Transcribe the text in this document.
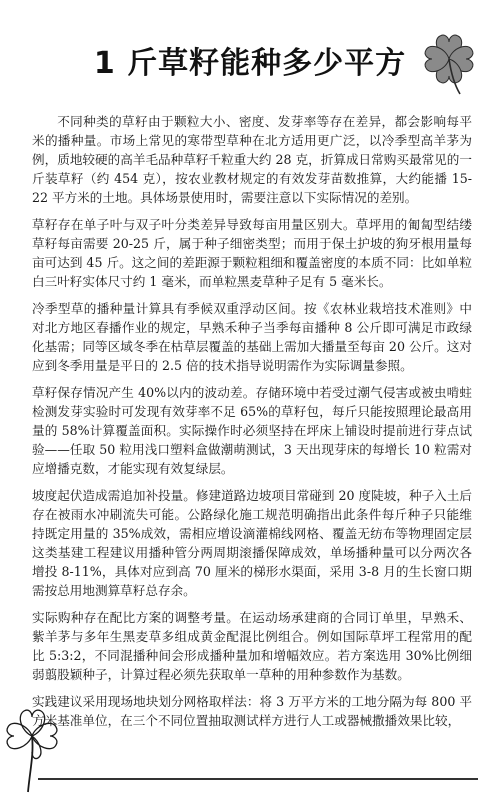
1 斤草籽能种多少平方

不同种类的草籽由于颗粒大小、密度、发芽率等存在差异，都会影响每平米的播种量。市场上常见的寒带型草种在北方适用更广泛，以冷季型高羊茅为例，质地较硬的高羊毛品种草籽千粒重大约 28 克，折算成日常购买最常见的一斤装草籽（约 454 克），按农业教材规定的有效发芽苗数推算，大约能播 15-22 平方米的土地。具体场景使用时，需要注意以下实际情况的差别。

草籽存在单子叶与双子叶分类差异导致每亩用量区别大。草坪用的匍匐型结缕草籽每亩需要 20-25 斤，属于种子细密类型；而用于保土护坡的狗牙根用量每亩可达到 45 斤。这之间的差距源于颗粒粗细和覆盖密度的本质不同：比如单粒白三叶籽实体尺寸约 1 毫米，而单粒黑麦草种子足有 5 毫米长。

冷季型草的播种量计算具有季候双重浮动区间。按《农林业栽培技术准则》中对北方地区春播作业的规定，早熟禾种子当季每亩播种 8 公斤即可满足市政绿化基需；同等区域冬季在枯草层覆盖的基础上需加大播量至每亩 20 公斤。这对应到冬季用量是平日的 2.5 倍的技术指导说明需作为实际调量参照。

草籽保存情况产生 40%以内的波动差。存储环境中若受过潮气侵害或被虫啃蛀检测发芽实验时可发现有效芽率不足 65%的草籽包，每斤只能按照理论最高用量的 58%计算覆盖面积。实际操作时必须坚持在坪床上铺设时提前进行芽点试验——任取 50 粒用浅口塑料盒做潮萌测试，3 天出现芽床的每增长 10 粒需对应增播克数，才能实现有效复绿层。

坡度起伏造成需追加补投量。修建道路边坡项目常碰到 20 度陡坡，种子入土后存在被雨水冲刷流失可能。公路绿化施工规范明确指出此条件每斤种子只能维持既定用量的 35%成效，需相应增设滴灌棉线网格、覆盖无纺布等物理固定层这类基建工程建议用播种管分两周期滚播保障成效，单场播种量可以分两次各增投 8-11%，具体对应到高 70 厘米的梯形水渠面，采用 3-8 月的生长窗口期需按总用地测算草籽总存余。

实际购种存在配比方案的调整考量。在运动场承建商的合同订单里，早熟禾、紫羊茅与多年生黑麦草多组成黄金配混比例组合。例如国际草坪工程常用的配比 5:3:2，不同混播种间会形成播种量加和增幅效应。若方案选用 30%比例细弱翦股颖种子，计算过程必须先获取单一草种的用种参数作为基数。

实践建议采用现场地块划分网格取样法：将 3 万平方米的工地分隔为每 800 平方米基准单位，在三个不同位置抽取测试样方进行人工或器械撒播效果比较，
